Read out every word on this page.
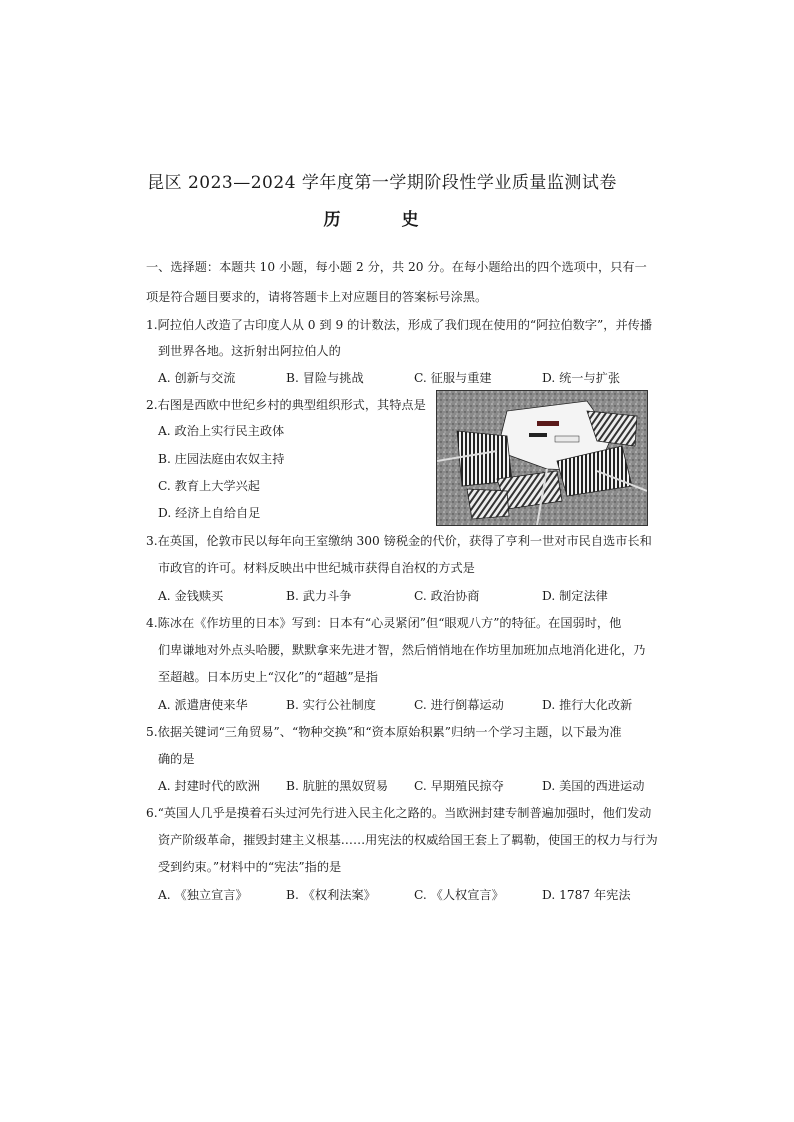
昆区 2023—2024 学年度第一学期阶段性学业质量监测试卷
历　史
一、选择题：本题共 10 小题，每小题 2 分，共 20 分。在每小题给出的四个选项中，只有一
项是符合题目要求的，请将答题卡上对应题目的答案标号涂黑。
1.阿拉伯人改造了古印度人从 0 到 9 的计数法，形成了我们现在使用的“阿拉伯数字”，并传播
到世界各地。这折射出阿拉伯人的
A. 创新与交流	B. 冒险与挑战	C. 征服与重建	D. 统一与扩张
2.右图是西欧中世纪乡村的典型组织形式，其特点是
A. 政治上实行民主政体
B. 庄园法庭由农奴主持
C. 教育上大学兴起
D. 经济上自给自足
3.在英国，伦敦市民以每年向王室缴纳 300 镑税金的代价，获得了亨利一世对市民自选市长和
市政官的许可。材料反映出中世纪城市获得自治权的方式是
A. 金钱赎买	B. 武力斗争	C. 政治协商	D. 制定法律
4.陈冰在《作坊里的日本》写到：日本有“心灵紧闭”但“眼观八方”的特征。在国弱时，他
们卑谦地对外点头哈腰，默默拿来先进才智，然后悄悄地在作坊里加班加点地消化进化，乃
至超越。日本历史上“汉化”的“超越”是指
A. 派遣唐使来华	B. 实行公社制度	C. 进行倒幕运动	D. 推行大化改新
5.依据关键词“三角贸易”、“物种交换”和“资本原始积累”归纳一个学习主题，以下最为准
确的是
A. 封建时代的欧洲	B. 肮脏的黑奴贸易	C. 早期殖民掠夺	D. 美国的西进运动
6.“英国人几乎是摸着石头过河先行进入民主化之路的。当欧洲封建专制普遍加强时，他们发动
资产阶级革命，摧毁封建主义根基……用宪法的权威给国王套上了羁勒，使国王的权力与行为
受到约束。”材料中的“宪法”指的是
A. 《独立宣言》	B. 《权利法案》	C. 《人权宣言》	D. 1787 年宪法
